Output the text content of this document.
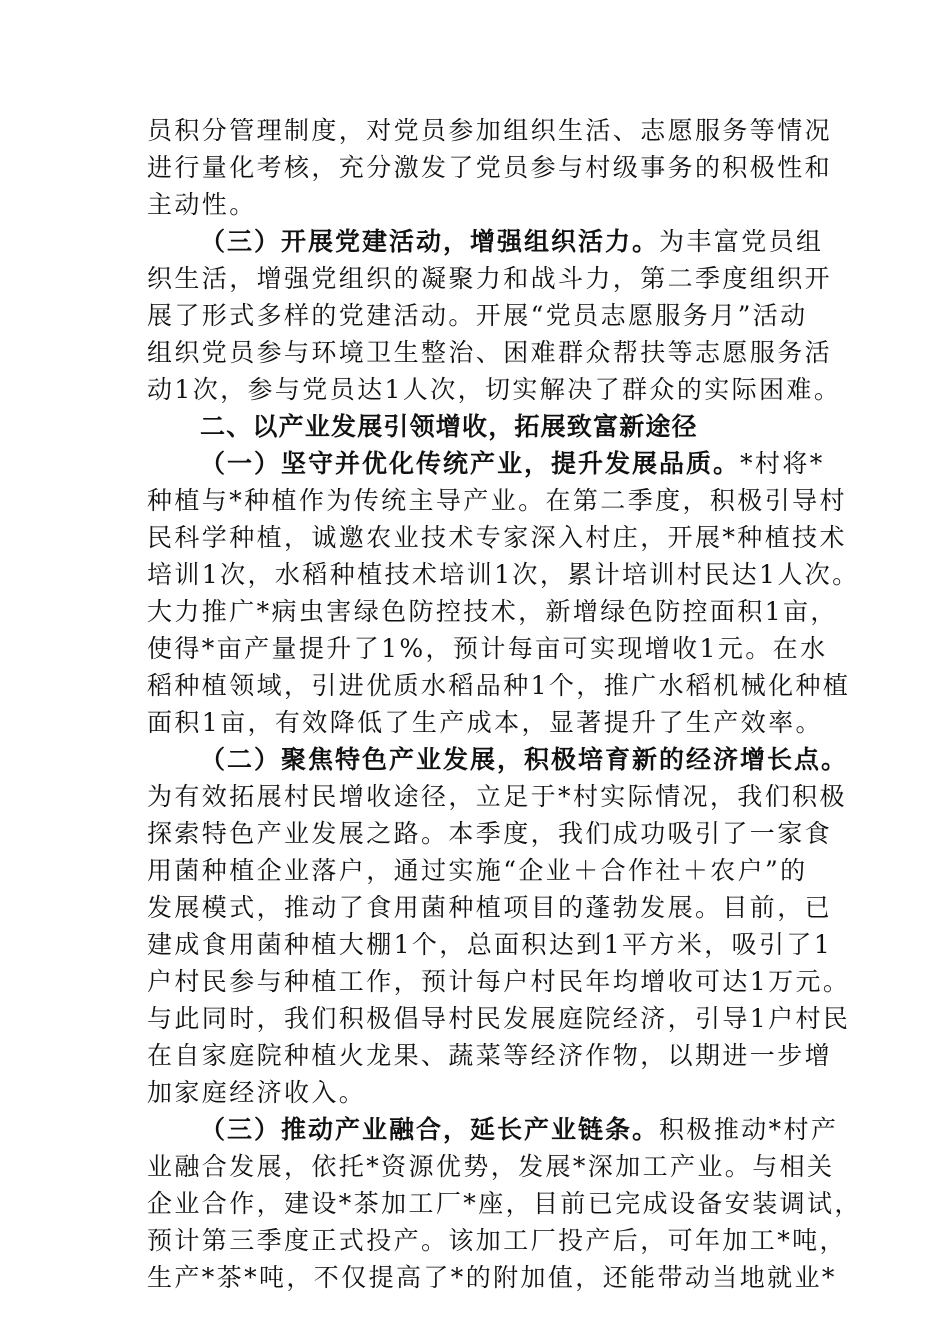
员积分管理制度，对党员参加组织生活、志愿服务等情况
进行量化考核，充分激发了党员参与村级事务的积极性和
主动性。
（三）开展党建活动，增强组织活力。为丰富党员组
织生活，增强党组织的凝聚力和战斗力，第二季度组织开
展了形式多样的党建活动。开展“党员志愿服务月”活动
组织党员参与环境卫生整治、困难群众帮扶等志愿服务活
动1次，参与党员达1人次，切实解决了群众的实际困难。
二、以产业发展引领增收，拓展致富新途径
（一）坚守并优化传统产业，提升发展品质。*村将*
种植与*种植作为传统主导产业。在第二季度，积极引导村
民科学种植，诚邀农业技术专家深入村庄，开展*种植技术
培训1次，水稻种植技术培训1次，累计培训村民达1人次。
大力推广*病虫害绿色防控技术，新增绿色防控面积1亩，
使得*亩产量提升了1%，预计每亩可实现增收1元。在水
稻种植领域，引进优质水稻品种1个，推广水稻机械化种植
面积1亩，有效降低了生产成本，显著提升了生产效率。
（二）聚焦特色产业发展，积极培育新的经济增长点。
为有效拓展村民增收途径，立足于*村实际情况，我们积极
探索特色产业发展之路。本季度，我们成功吸引了一家食
用菌种植企业落户，通过实施“企业＋合作社＋农户”的
发展模式，推动了食用菌种植项目的蓬勃发展。目前，已
建成食用菌种植大棚1个，总面积达到1平方米，吸引了1
户村民参与种植工作，预计每户村民年均增收可达1万元。
与此同时，我们积极倡导村民发展庭院经济，引导1户村民
在自家庭院种植火龙果、蔬菜等经济作物，以期进一步增
加家庭经济收入。
（三）推动产业融合，延长产业链条。积极推动*村产
业融合发展，依托*资源优势，发展*深加工产业。与相关
企业合作，建设*茶加工厂*座，目前已完成设备安装调试，
预计第三季度正式投产。该加工厂投产后，可年加工*吨，
生产*茶*吨，不仅提高了*的附加值，还能带动当地就业*
